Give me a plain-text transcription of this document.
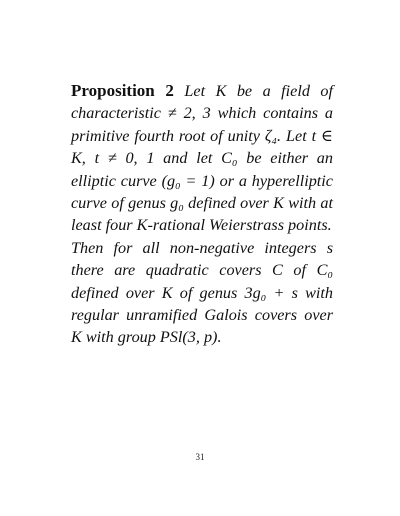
Proposition 2 Let K be a field of characteristic ≠ 2, 3 which contains a primitive fourth root of unity ζ₄. Let t ∈ K, t ≠ 0, 1 and let C₀ be either an elliptic curve (g₀ = 1) or a hyperelliptic curve of genus g₀ defined over K with at least four K-rational Weierstrass points.

Then for all non-negative integers s there are quadratic covers C of C₀ defined over K of genus 3g₀ + s with regular unramified Galois covers over K with group PSl(3, p).

31
